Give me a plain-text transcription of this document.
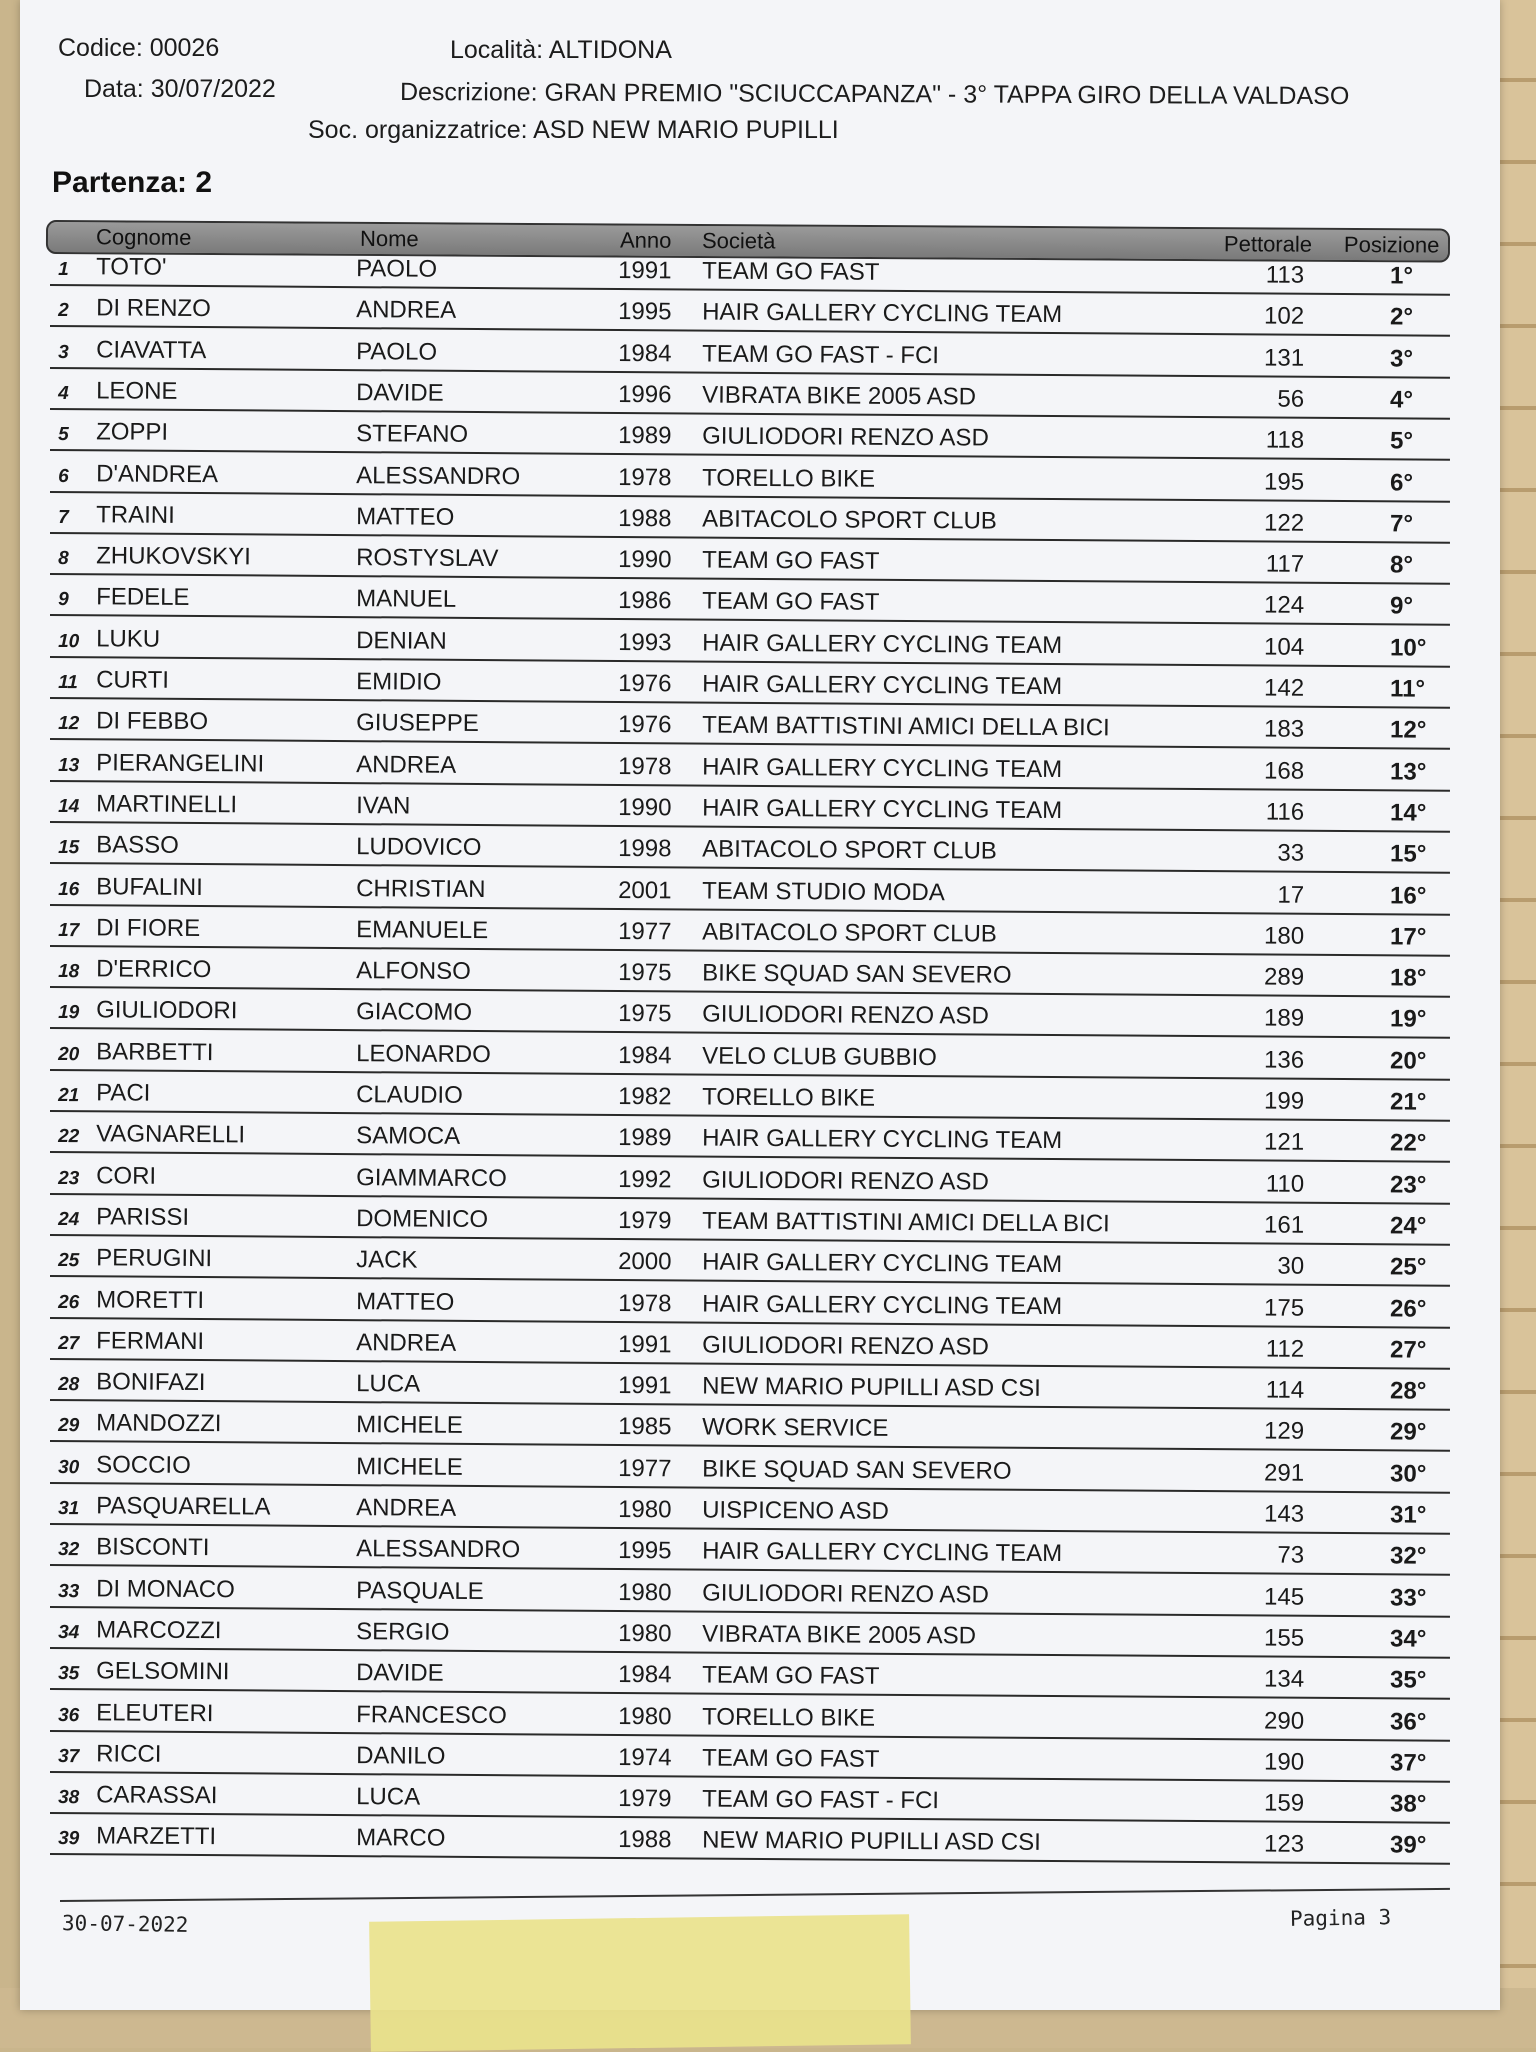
Codice: 00026
Data: 30/07/2022
Località: ALTIDONA
Descrizione: GRAN PREMIO "SCIUCCAPANZA" - 3° TAPPA GIRO DELLA VALDASO
Soc. organizzatrice: ASD NEW MARIO PUPILLI
Partenza: 2
Cognome	Nome	Anno Società	Pettorale Posizione
1 TOTO'	PAOLO	1991 TEAM GO FAST	113	1°
2 DI RENZO	ANDREA	1995 HAIR GALLERY CYCLING TEAM	102	2°
3 CIAVATTA	PAOLO	1984 TEAM GO FAST - FCI	131	3°
4 LEONE	DAVIDE	1996 VIBRATA BIKE 2005 ASD	56	4°
5 ZOPPI	STEFANO	1989 GIULIODORI RENZO ASD	118	5°
6 D'ANDREA	ALESSANDRO	1978 TORELLO BIKE	195	6°
7 TRAINI	MATTEO	1988 ABITACOLO SPORT CLUB	122	7°
8 ZHUKOVSKYI	ROSTYSLAV	1990 TEAM GO FAST	117	8°
9 FEDELE	MANUEL	1986 TEAM GO FAST	124	9°
10 LUKU	DENIAN	1993 HAIR GALLERY CYCLING TEAM	104	10°
11 CURTI	EMIDIO	1976 HAIR GALLERY CYCLING TEAM	142	11°
12 DI FEBBO	GIUSEPPE	1976 TEAM BATTISTINI AMICI DELLA BICI	183	12°
13 PIERANGELINI	ANDREA	1978 HAIR GALLERY CYCLING TEAM	168	13°
14 MARTINELLI	IVAN	1990 HAIR GALLERY CYCLING TEAM	116	14°
15 BASSO	LUDOVICO	1998 ABITACOLO SPORT CLUB	33	15°
16 BUFALINI	CHRISTIAN	2001 TEAM STUDIO MODA	17	16°
17 DI FIORE	EMANUELE	1977 ABITACOLO SPORT CLUB	180	17°
18 D'ERRICO	ALFONSO	1975 BIKE SQUAD SAN SEVERO	289	18°
19 GIULIODORI	GIACOMO	1975 GIULIODORI RENZO ASD	189	19°
20 BARBETTI	LEONARDO	1984 VELO CLUB GUBBIO	136	20°
21 PACI	CLAUDIO	1982 TORELLO BIKE	199	21°
22 VAGNARELLI	SAMOCA	1989 HAIR GALLERY CYCLING TEAM	121	22°
23 CORI	GIAMMARCO	1992 GIULIODORI RENZO ASD	110	23°
24 PARISSI	DOMENICO	1979 TEAM BATTISTINI AMICI DELLA BICI	161	24°
25 PERUGINI	JACK	2000 HAIR GALLERY CYCLING TEAM	30	25°
26 MORETTI	MATTEO	1978 HAIR GALLERY CYCLING TEAM	175	26°
27 FERMANI	ANDREA	1991 GIULIODORI RENZO ASD	112	27°
28 BONIFAZI	LUCA	1991 NEW MARIO PUPILLI ASD CSI	114	28°
29 MANDOZZI	MICHELE	1985 WORK SERVICE	129	29°
30 SOCCIO	MICHELE	1977 BIKE SQUAD SAN SEVERO	291	30°
31 PASQUARELLA	ANDREA	1980 UISPICENO ASD	143	31°
32 BISCONTI	ALESSANDRO	1995 HAIR GALLERY CYCLING TEAM	73	32°
33 DI MONACO	PASQUALE	1980 GIULIODORI RENZO ASD	145	33°
34 MARCOZZI	SERGIO	1980 VIBRATA BIKE 2005 ASD	155	34°
35 GELSOMINI	DAVIDE	1984 TEAM GO FAST	134	35°
36 ELEUTERI	FRANCESCO	1980 TORELLO BIKE	290	36°
37 RICCI	DANILO	1974 TEAM GO FAST	190	37°
38 CARASSAI	LUCA	1979 TEAM GO FAST - FCI	159	38°
39 MARZETTI	MARCO	1988 NEW MARIO PUPILLI ASD CSI	123	39°
30-07-2022	Pagina 3
